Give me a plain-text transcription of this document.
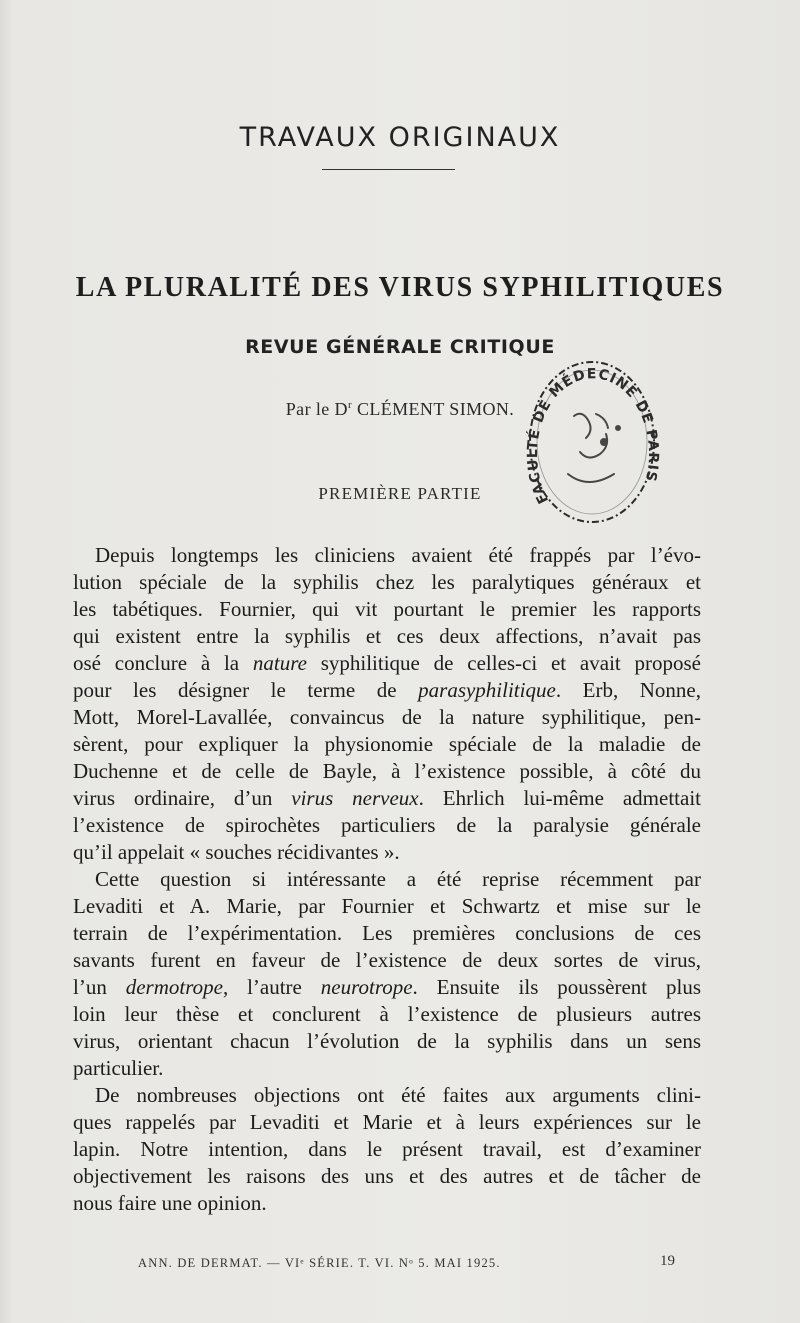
TRAVAUX ORIGINAUX
LA PLURALITÉ DES VIRUS SYPHILITIQUES
REVUE GÉNÉRALE CRITIQUE
Par le $D^r$ CLÉMENT SIMON.
PREMIÈRE PARTIE	FACULTÉ DE MÉDECINE DE PARIS

Depuis longtemps les cliniciens avaient été frappés par l’évo-
lution spéciale de la syphilis chez les paralytiques généraux et
les tabétiques. Fournier, qui vit pourtant le premier les rapports
qui existent entre la syphilis et ces deux affections, n’avait pas
osé conclure à la nature syphilitique de celles-ci et avait proposé
pour les désigner le terme de parasyphilitique. Erb, Nonne,
Mott, Morel-Lavallée, convaincus de la nature syphilitique, pen-
sèrent, pour expliquer la physionomie spéciale de la maladie de
Duchenne et de celle de Bayle, à l’existence possible, à côté du
virus ordinaire, d’un virus nerveux. Ehrlich lui-même admettait
l’existence de spirochètes particuliers de la paralysie générale
qu’il appelait « souches récidivantes ».

Cette question si intéressante a été reprise récemment par
Levaditi et A. Marie, par Fournier et Schwartz et mise sur le
terrain de l’expérimentation. Les premières conclusions de ces
savants furent en faveur de l’existence de deux sortes de virus,
l’un dermotrope, l’autre neurotrope. Ensuite ils poussèrent plus
loin leur thèse et conclurent à l’existence de plusieurs autres
virus, orientant chacun l’évolution de la syphilis dans un sens
particulier.

De nombreuses objections ont été faites aux arguments clini-
ques rappelés par Levaditi et Marie et à leurs expériences sur le
lapin. Notre intention, dans le présent travail, est d’examiner
objectivement les raisons des uns et des autres et de tâcher de
nous faire une opinion.

ANN. DE DERMAT. — VIᵉ SÉRIE. T. VI. Nᵒ 5. MAI 1925.	19
